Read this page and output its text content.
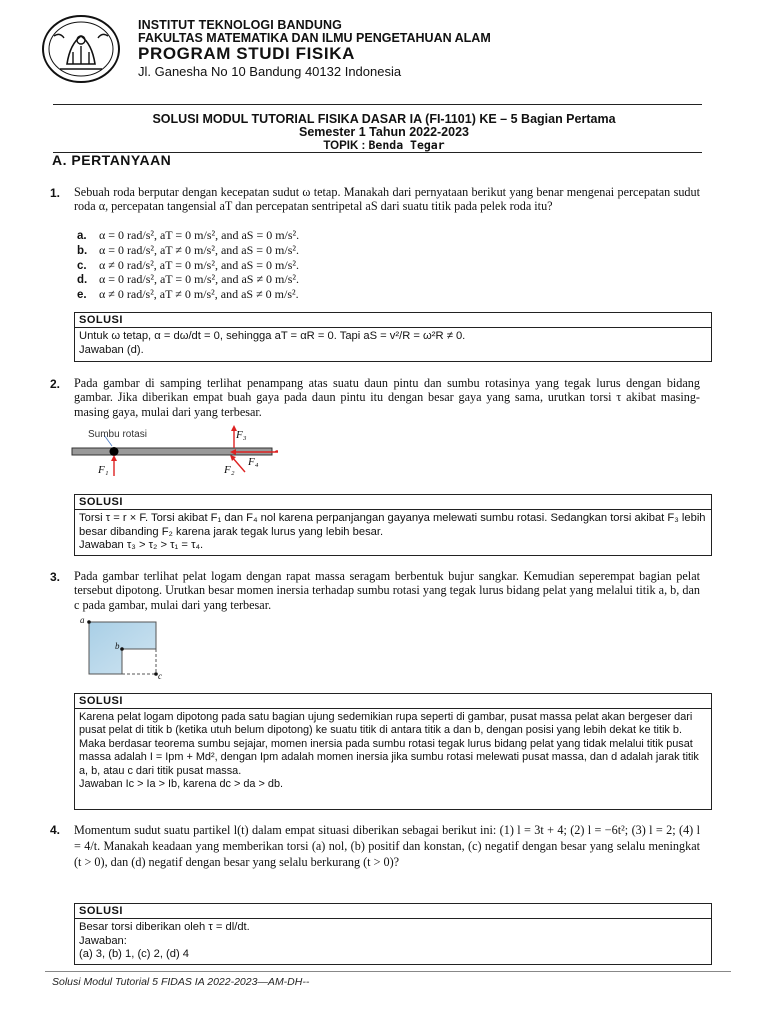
INSTITUT TEKNOLOGI BANDUNG
FAKULTAS MATEMATIKA DAN ILMU PENGETAHUAN ALAM
PROGRAM STUDI FISIKA
Jl. Ganesha No 10 Bandung 40132 Indonesia
SOLUSI MODUL TUTORIAL FISIKA DASAR IA (FI-1101) KE – 5 Bagian Pertama
Semester 1 Tahun 2022-2023
TOPIK : Benda Tegar
A. PERTANYAAN
1. Sebuah roda berputar dengan kecepatan sudut ω tetap. Manakah dari pernyataan berikut yang benar mengenai percepatan sudut roda α, percepatan tangensial aT dan percepatan sentripetal aS dari suatu titik pada pelek roda itu?
a. α = 0 rad/s², aT = 0 m/s², and aS = 0 m/s².
b. α = 0 rad/s², aT ≠ 0 m/s², and aS = 0 m/s².
c. α ≠ 0 rad/s², aT = 0 m/s², and aS = 0 m/s².
d. α = 0 rad/s², aT = 0 m/s², and aS ≠ 0 m/s².
e. α ≠ 0 rad/s², aT ≠ 0 m/s², and aS ≠ 0 m/s².
SOLUSI

Untuk ω tetap, α = dω/dt = 0, sehingga aT = αR = 0. Tapi aS = v²/R = ω²R ≠ 0.

Jawaban (d).

2. Pada gambar di samping terlihat penampang atas suatu daun pintu dan sumbu rotasinya yang tegak lurus dengan bidang gambar. Jika diberikan empat buah gaya pada daun pintu itu dengan besar gaya yang sama, urutkan torsi τ akibat masing-masing gaya, mulai dari yang terbesar.
Sumbu rotasi
F₁	F₂
F₃
F₄
SOLUSI

Torsi τ = r × F. Torsi akibat F₁ dan F₄ nol karena perpanjangan gayanya melewati sumbu rotasi. Sedangkan torsi akibat F₃ lebih besar dibanding F₂ karena jarak tegak lurus yang lebih besar.

Jawaban τ₃ > τ₂ > τ₁ = τ₄.

3. Pada gambar terlihat pelat logam dengan rapat massa seragam berbentuk bujur sangkar. Kemudian seperempat bagian pelat tersebut dipotong. Urutkan besar momen inersia terhadap sumbu rotasi yang tegak lurus bidang pelat yang melalui titik a, b, dan c pada gambar, mulai dari yang terbesar.
a
b
c
SOLUSI

Karena pelat logam dipotong pada satu bagian ujung sedemikian rupa seperti di gambar, pusat massa pelat akan bergeser dari pusat pelat di titik b (ketika utuh belum dipotong) ke suatu titik di antara titik a dan b, dengan posisi yang lebih dekat ke titik b. Maka berdasar teorema sumbu sejajar, momen inersia pada sumbu rotasi tegak lurus bidang pelat yang tidak melalui titik pusat massa adalah I = Ipm + Md², dengan Ipm adalah momen inersia jika sumbu rotasi melewati pusat massa, dan d adalah jarak titik a, b, atau c dari titik pusat massa.

Jawaban Ic > Ia > Ib, karena dc > da > db.

4. Momentum sudut suatu partikel l(t) dalam empat situasi diberikan sebagai berikut ini: (1) l = 3t + 4; (2) l = −6t²; (3) l = 2; (4) l = 4/t. Manakah keadaan yang memberikan torsi (a) nol, (b) positif dan konstan, (c) negatif dengan besar yang selalu meningkat (t > 0), dan (d) negatif dengan besar yang selalu berkurang (t > 0)?
SOLUSI

Besar torsi diberikan oleh τ = dl/dt.

Jawaban:

(a) 3, (b) 1, (c) 2, (d) 4

Solusi Modul Tutorial 5 FIDAS IA 2022-2023—AM-DH--
